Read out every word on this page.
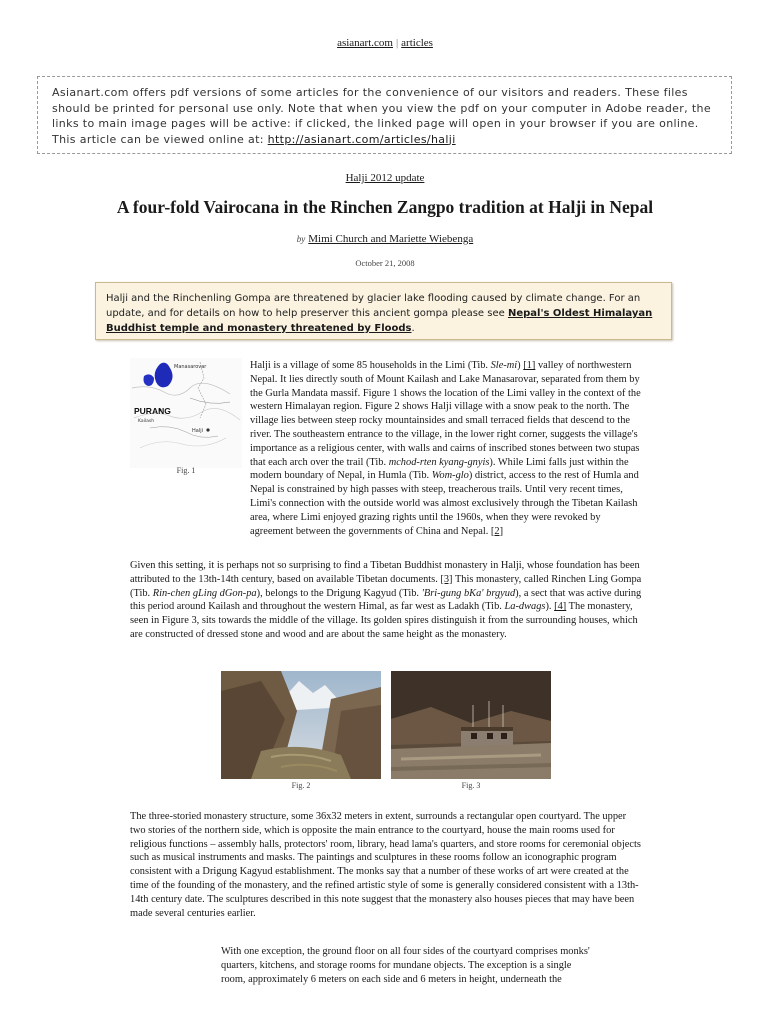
asianart.com | articles
Asianart.com offers pdf versions of some articles for the convenience of our visitors and readers. These files should be printed for personal use only. Note that when you view the pdf on your computer in Adobe reader, the links to main image pages will be active: if clicked, the linked page will open in your browser if you are online. This article can be viewed online at: http://asianart.com/articles/halji
Halji 2012 update
A four-fold Vairocana in the Rinchen Zangpo tradition at Halji in Nepal
by Mimi Church and Mariette Wiebenga
October 21, 2008
Halji and the Rinchenling Gompa are threatened by glacier lake flooding caused by climate change. For an update, and for details on how to help preserver this ancient gompa please see Nepal's Oldest Himalayan Buddhist temple and monastery threatened by Floods.
Manasarovar
PURANG
Kailash
Halji
Fig. 1
Halji is a village of some 85 households in the Limi (Tib. Sle-mi) [1] valley of northwestern Nepal. It lies directly south of Mount Kailash and Lake Manasarovar, separated from them by the Gurla Mandata massif. Figure 1 shows the location of the Limi valley in the context of the western Himalayan region. Figure 2 shows Halji village with a snow peak to the north. The village lies between steep rocky mountainsides and small terraced fields that descend to the river. The southeastern entrance to the village, in the lower right corner, suggests the village's importance as a religious center, with walls and cairns of inscribed stones between two stupas that each arch over the trail (Tib. mchod-rten kyang-gnyis). While Limi falls just within the modern boundary of Nepal, in Humla (Tib. Wom-glo) district, access to the rest of Humla and Nepal is constrained by high passes with steep, treacherous trails. Until very recent times, Limi's connection with the outside world was almost exclusively through the Tibetan Kailash area, where Limi enjoyed grazing rights until the 1960s, when they were revoked by agreement between the governments of China and Nepal. [2]
Given this setting, it is perhaps not so surprising to find a Tibetan Buddhist monastery in Halji, whose foundation has been attributed to the 13th-14th century, based on available Tibetan documents. [3] This monastery, called Rinchen Ling Gompa (Tib. Rin-chen gLing dGon-pa), belongs to the Drigung Kagyud (Tib. 'Bri-gung bKa' brgyud), a sect that was active during this period around Kailash and throughout the western Himal, as far west as Ladakh (Tib. La-dwags). [4] The monastery, seen in Figure 3, sits towards the middle of the village. Its golden spires distinguish it from the surrounding houses, which are constructed of dressed stone and wood and are about the same height as the monastery.
Fig. 2	Fig. 3
The three-storied monastery structure, some 36x32 meters in extent, surrounds a rectangular open courtyard. The upper two stories of the northern side, which is opposite the main entrance to the courtyard, house the main rooms used for religious functions – assembly halls, protectors' room, library, head lama's quarters, and store rooms for ceremonial objects such as musical instruments and masks. The paintings and sculptures in these rooms follow an iconographic program consistent with a Drigung Kagyud establishment. The monks say that a number of these works of art were created at the time of the founding of the monastery, and the refined artistic style of some is generally considered consistent with a 13th-14th century date. The sculptures described in this note suggest that the monastery also houses pieces that may have been made several centuries earlier.
With one exception, the ground floor on all four sides of the courtyard comprises monks' quarters, kitchens, and storage rooms for mundane objects. The exception is a single room, approximately 6 meters on each side and 6 meters in height, underneath the
